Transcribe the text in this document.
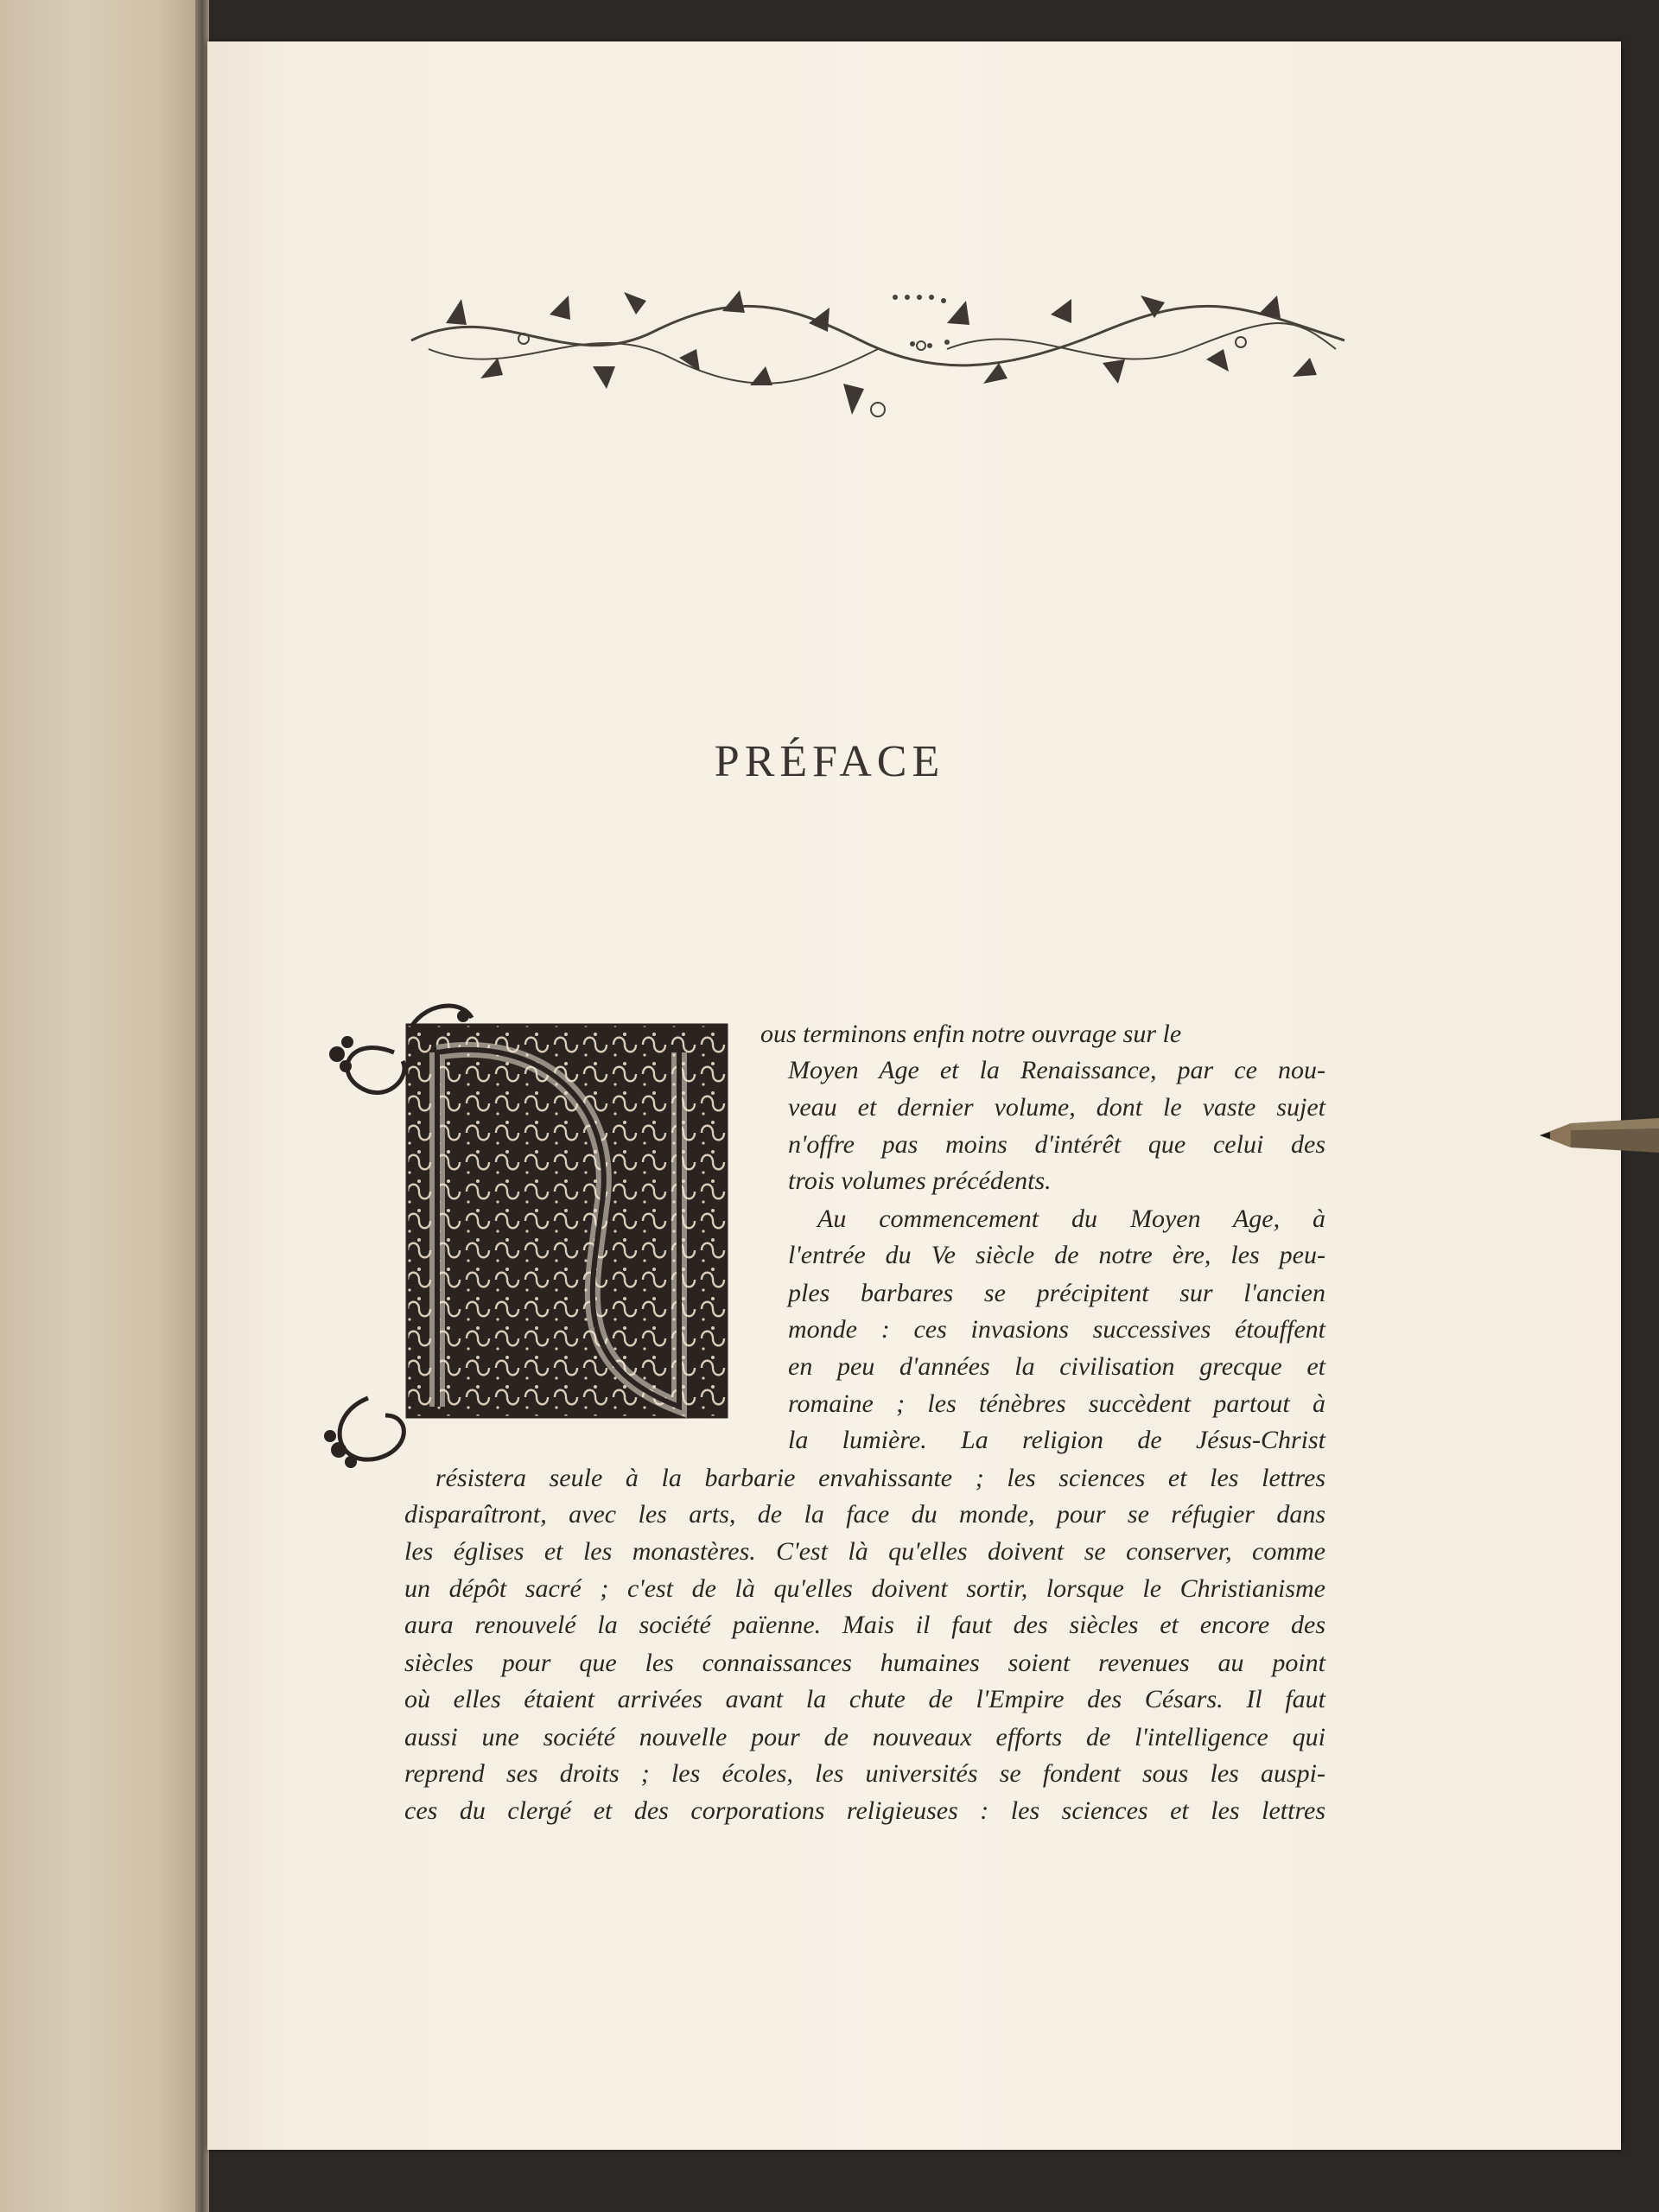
PRÉFACE
ous terminons enfin notre ouvrage sur le
Moyen Age et la Renaissance, par ce nou-
veau et dernier volume, dont le vaste sujet
n'offre pas moins d'intérêt que celui des
trois volumes précédents.
Au commencement du Moyen Age, à
l'entrée du Ve siècle de notre ère, les peu-
ples barbares se précipitent sur l'ancien
monde : ces invasions successives étouffent
en peu d'années la civilisation grecque et
romaine ; les ténèbres succèdent partout à
la lumière. La religion de Jésus-Christ
résistera seule à la barbarie envahissante ; les sciences et les lettres
disparaîtront, avec les arts, de la face du monde, pour se réfugier dans
les églises et les monastères. C'est là qu'elles doivent se conserver, comme
un dépôt sacré ; c'est de là qu'elles doivent sortir, lorsque le Christianisme
aura renouvelé la société païenne. Mais il faut des siècles et encore des
siècles pour que les connaissances humaines soient revenues au point
où elles étaient arrivées avant la chute de l'Empire des Césars. Il faut
aussi une société nouvelle pour de nouveaux efforts de l'intelligence qui
reprend ses droits ; les écoles, les universités se fondent sous les auspi-
ces du clergé et des corporations religieuses : les sciences et les lettres
